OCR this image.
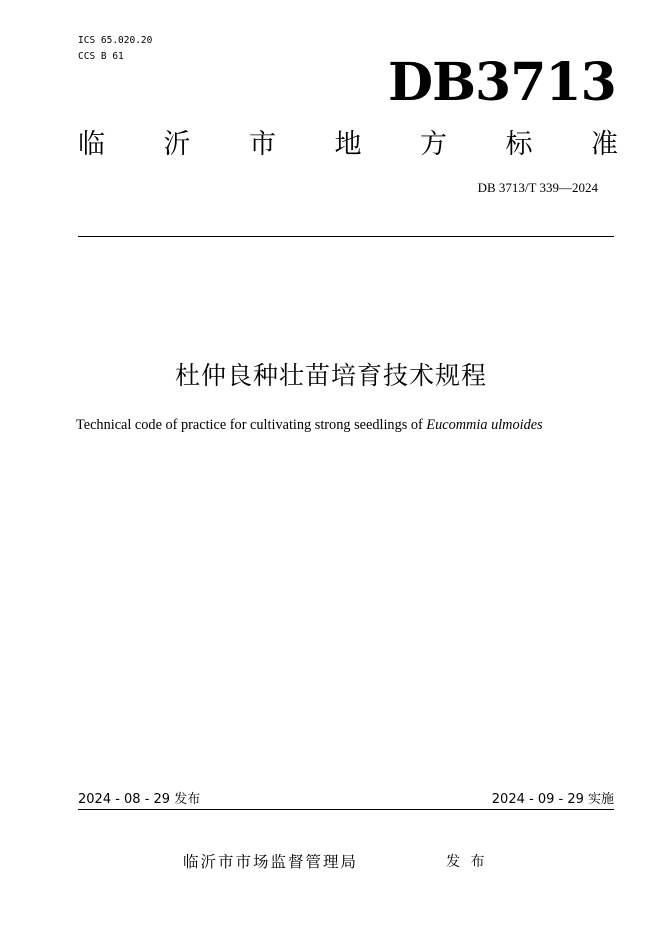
ICS 65.020.20
CCS B 61	DB3713
临 沂 市 地 方 标 准
DB 3713/T 339—2024
杜仲良种壮苗培育技术规程
Technical code of practice for cultivating strong seedlings of Eucommia ulmoides
2024 - 08 - 29 发布	2024 - 09 - 29 实施
临沂市市场监督管理局	发 布
